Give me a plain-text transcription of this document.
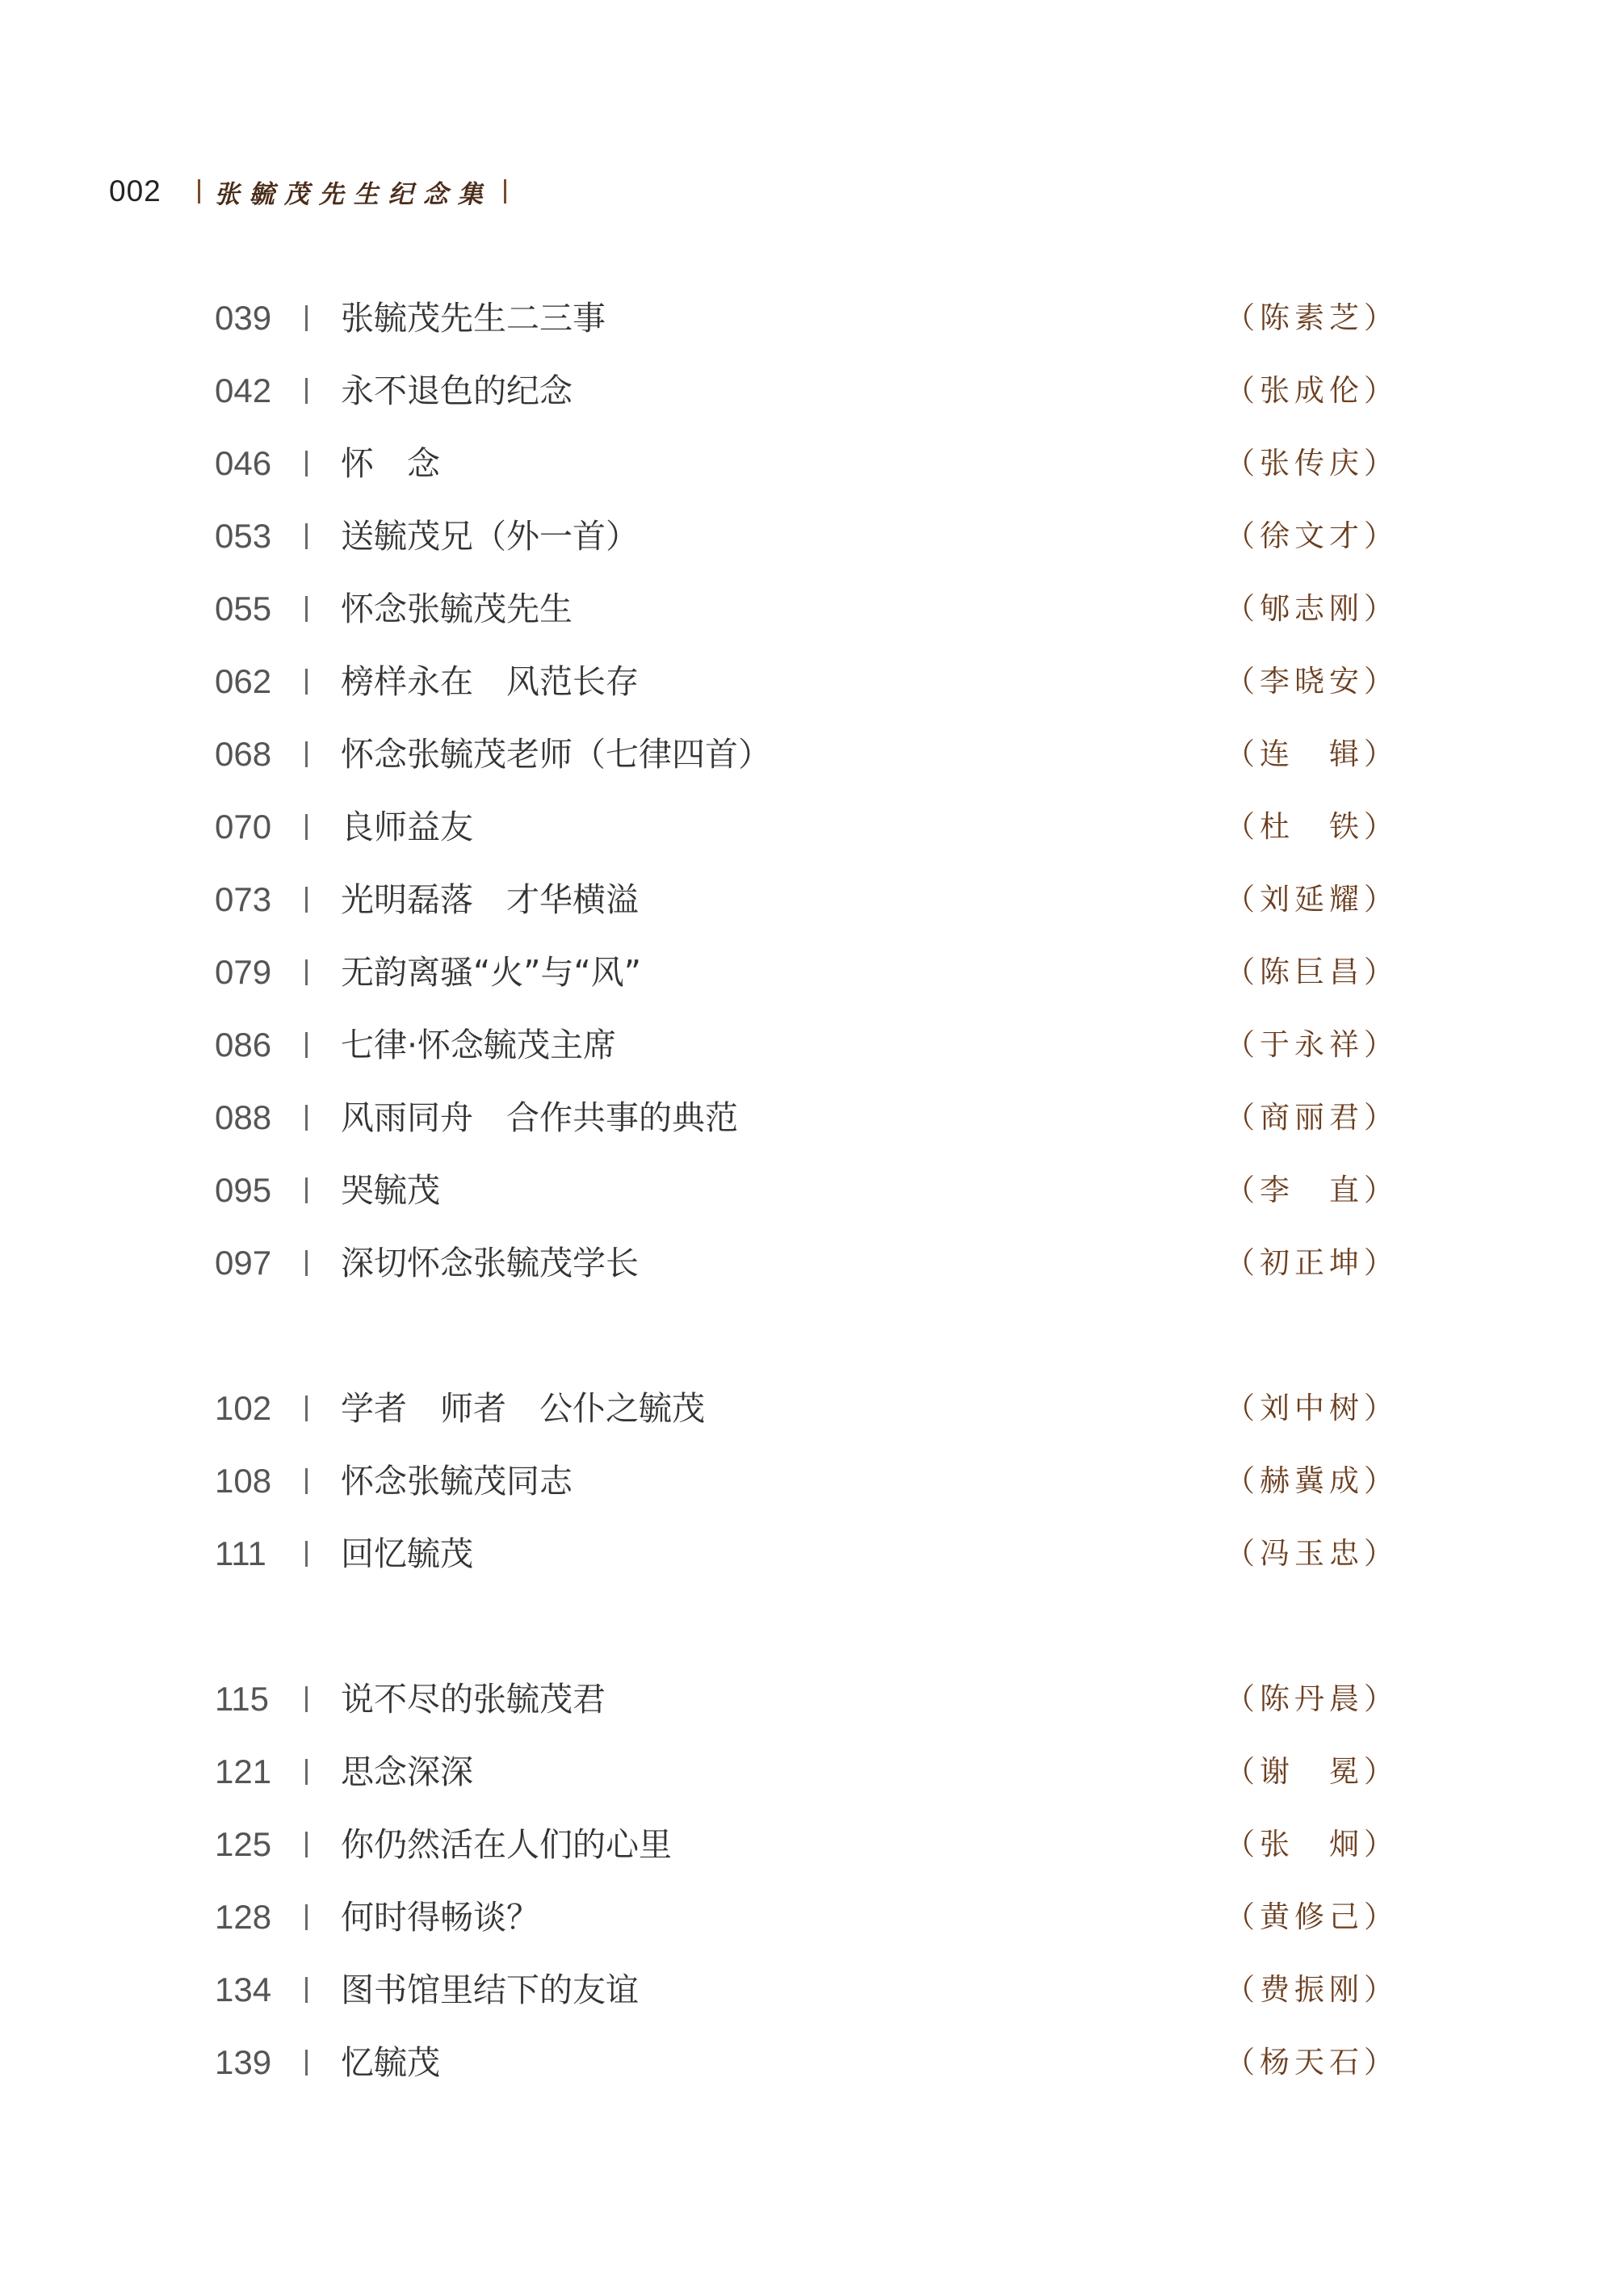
002 张毓茂先生纪念集
039 张毓茂先生二三事	（陈素芝）
042 永不退色的纪念	（张成伦）
046 怀　念	（张传庆）
053 送毓茂兄（外一首）	（徐文才）
055 怀念张毓茂先生	（郇志刚）
062 榜样永在　风范长存	（李晓安）
068 怀念张毓茂老师（七律四首）	（连　辑）
070 良师益友	（杜　铁）
073 光明磊落　才华横溢	（刘延耀）
079 无韵离骚“火”与“风”	（陈巨昌）
086 七律·怀念毓茂主席	（于永祥）
088 风雨同舟　合作共事的典范	（商丽君）
095 哭毓茂	（李　直）
097 深切怀念张毓茂学长	（初正坤）
102 学者　师者　公仆之毓茂	（刘中树）
108 怀念张毓茂同志	（赫冀成）
111 回忆毓茂	（冯玉忠）
115 说不尽的张毓茂君	（陈丹晨）
121 思念深深	（谢　冕）
125 你仍然活在人们的心里	（张　炯）
128 何时得畅谈？	（黄修己）
134 图书馆里结下的友谊	（费振刚）
139 忆毓茂	（杨天石）
